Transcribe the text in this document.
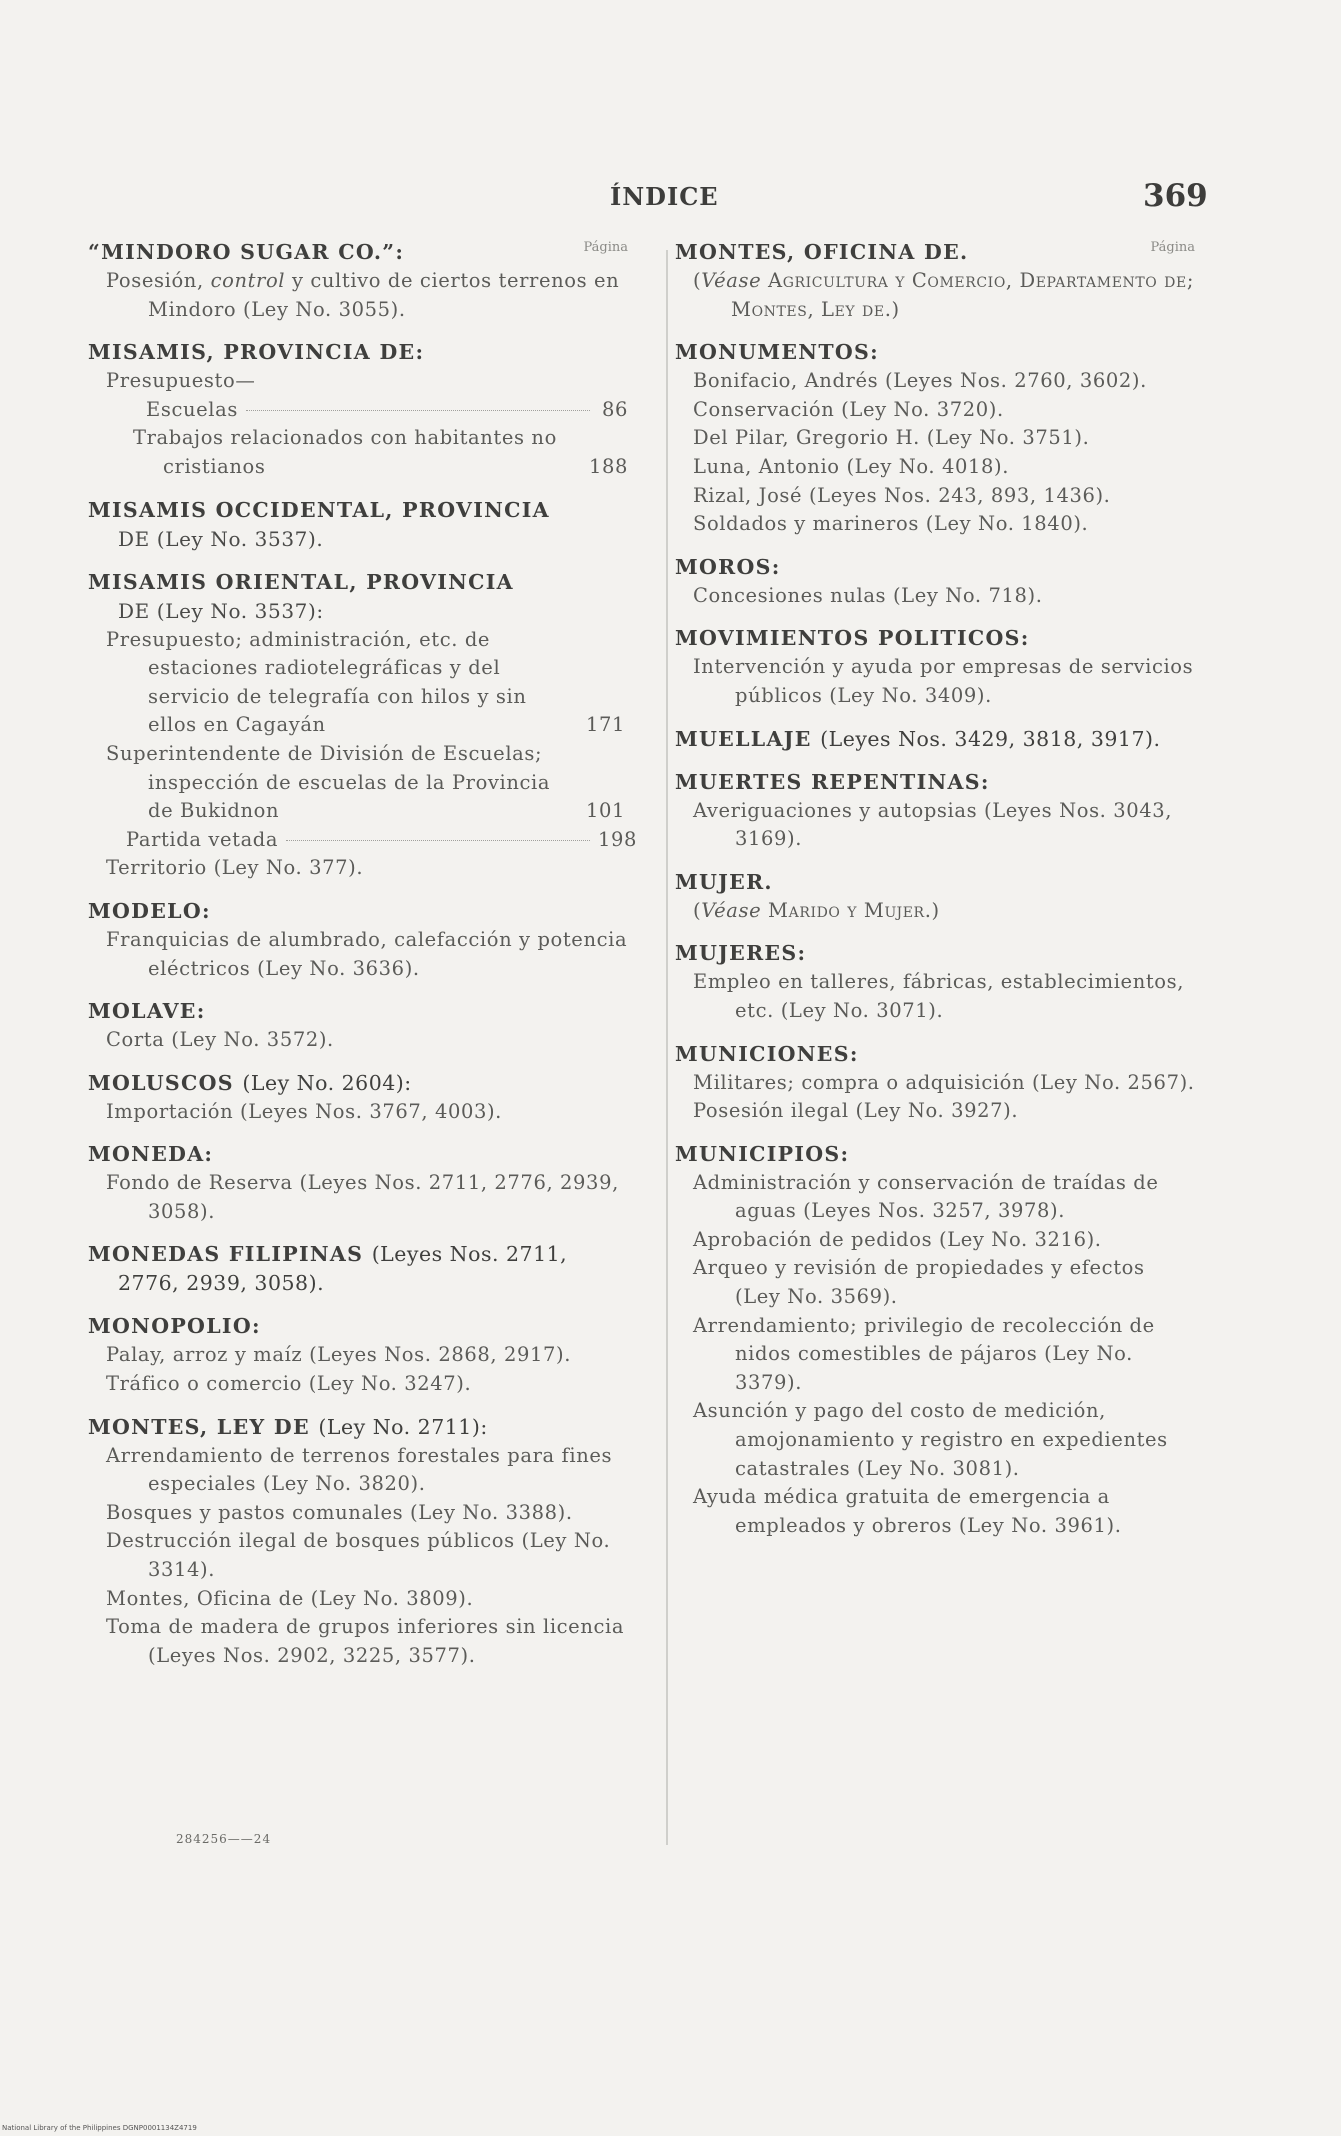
ÍNDICE	369
Página
“MINDORO SUGAR CO.”:
Posesión, control y cultivo de ciertos terrenos en Mindoro (Ley No. 3055).
MISAMIS, PROVINCIA DE:
Presupuesto—
Escuelas	86
Trabajos relacionados con habitantes no cristianos	188
MISAMIS OCCIDENTAL, PROVINCIA
DE (Ley No. 3537).
MISAMIS ORIENTAL, PROVINCIA
DE (Ley No. 3537):
Presupuesto; administración, etc. de estaciones radiotelegráficas y del servicio de telegrafía con hilos y sin ellos en Cagayán	171
Superintendente de División de Escuelas; inspección de escuelas de la Provincia de Bukidnon	101
Partida vetada	198
Territorio (Ley No. 377).
MODELO:
Franquicias de alumbrado, calefacción y potencia eléctricos (Ley No. 3636).
MOLAVE:
Corta (Ley No. 3572).
MOLUSCOS (Ley No. 2604):
Importación (Leyes Nos. 3767, 4003).
MONEDA:
Fondo de Reserva (Leyes Nos. 2711, 2776, 2939, 3058).
MONEDAS FILIPINAS (Leyes Nos. 2711, 2776, 2939, 3058).
MONOPOLIO:
Palay, arroz y maíz (Leyes Nos. 2868, 2917).
Tráfico o comercio (Ley No. 3247).
MONTES, LEY DE (Ley No. 2711):
Arrendamiento de terrenos forestales para fines especiales (Ley No. 3820).
Bosques y pastos comunales (Ley No. 3388).
Destrucción ilegal de bosques públicos (Ley No. 3314).
Montes, Oficina de (Ley No. 3809).
Toma de madera de grupos inferiores sin licencia (Leyes Nos. 2902, 3225, 3577).
284256——24
Página
MONTES, OFICINA DE.
(Véase Agricultura y Comercio, Departamento de; Montes, Ley de.)
MONUMENTOS:
Bonifacio, Andrés (Leyes Nos. 2760, 3602).
Conservación (Ley No. 3720).
Del Pilar, Gregorio H. (Ley No. 3751).
Luna, Antonio (Ley No. 4018).
Rizal, José (Leyes Nos. 243, 893, 1436).
Soldados y marineros (Ley No. 1840).
MOROS:
Concesiones nulas (Ley No. 718).
MOVIMIENTOS POLITICOS:
Intervención y ayuda por empresas de servicios públicos (Ley No. 3409).
MUELLAJE (Leyes Nos. 3429, 3818, 3917).
MUERTES REPENTINAS:
Averiguaciones y autopsias (Leyes Nos. 3043, 3169).
MUJER.
(Véase Marido y Mujer.)
MUJERES:
Empleo en talleres, fábricas, establecimientos, etc. (Ley No. 3071).
MUNICIONES:
Militares; compra o adquisición (Ley No. 2567).
Posesión ilegal (Ley No. 3927).
MUNICIPIOS:
Administración y conservación de traídas de aguas (Leyes Nos. 3257, 3978).
Aprobación de pedidos (Ley No. 3216).
Arqueo y revisión de propiedades y efectos (Ley No. 3569).
Arrendamiento; privilegio de recolección de nidos comestibles de pájaros (Ley No. 3379).
Asunción y pago del costo de medición, amojonamiento y registro en expedientes catastrales (Ley No. 3081).
Ayuda médica gratuita de emergencia a empleados y obreros (Ley No. 3961).
National Library of the Philippines DGNP0001134Z4719
